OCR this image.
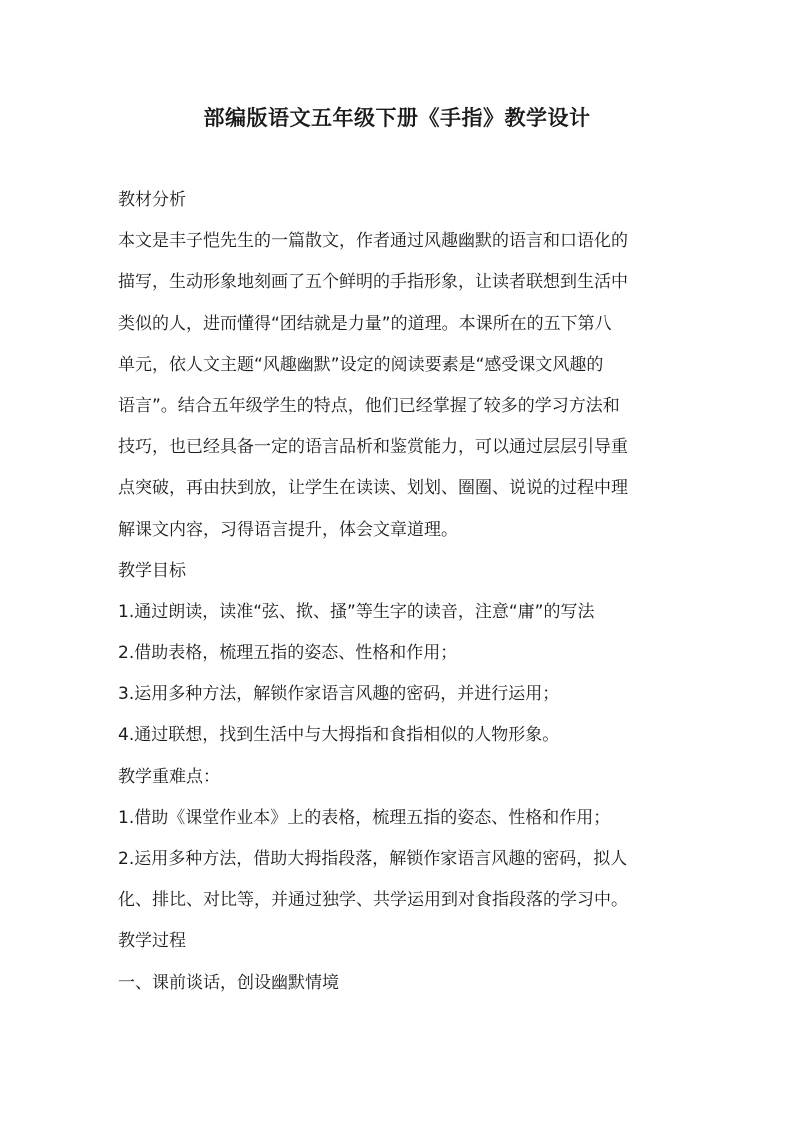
部编版语文五年级下册《手指》教学设计
教材分析
本文是丰子恺先生的一篇散文，作者通过风趣幽默的语言和口语化的
描写，生动形象地刻画了五个鲜明的手指形象，让读者联想到生活中
类似的人，进而懂得“团结就是力量”的道理。本课所在的五下第八
单元，依人文主题“风趣幽默”设定的阅读要素是“感受课文风趣的
语言”。结合五年级学生的特点，他们已经掌握了较多的学习方法和
技巧，也已经具备一定的语言品析和鉴赏能力，可以通过层层引导重
点突破，再由扶到放，让学生在读读、划划、圈圈、说说的过程中理
解课文内容，习得语言提升，体会文章道理。
教学目标
1.通过朗读，读准“弦、揿、搔”等生字的读音，注意“庸”的写法
2.借助表格，梳理五指的姿态、性格和作用；
3.运用多种方法，解锁作家语言风趣的密码，并进行运用；
4.通过联想，找到生活中与大拇指和食指相似的人物形象。
教学重难点：
1.借助《课堂作业本》上的表格，梳理五指的姿态、性格和作用；
2.运用多种方法，借助大拇指段落，解锁作家语言风趣的密码，拟人
化、排比、对比等，并通过独学、共学运用到对食指段落的学习中。
教学过程
一、课前谈话，创设幽默情境
